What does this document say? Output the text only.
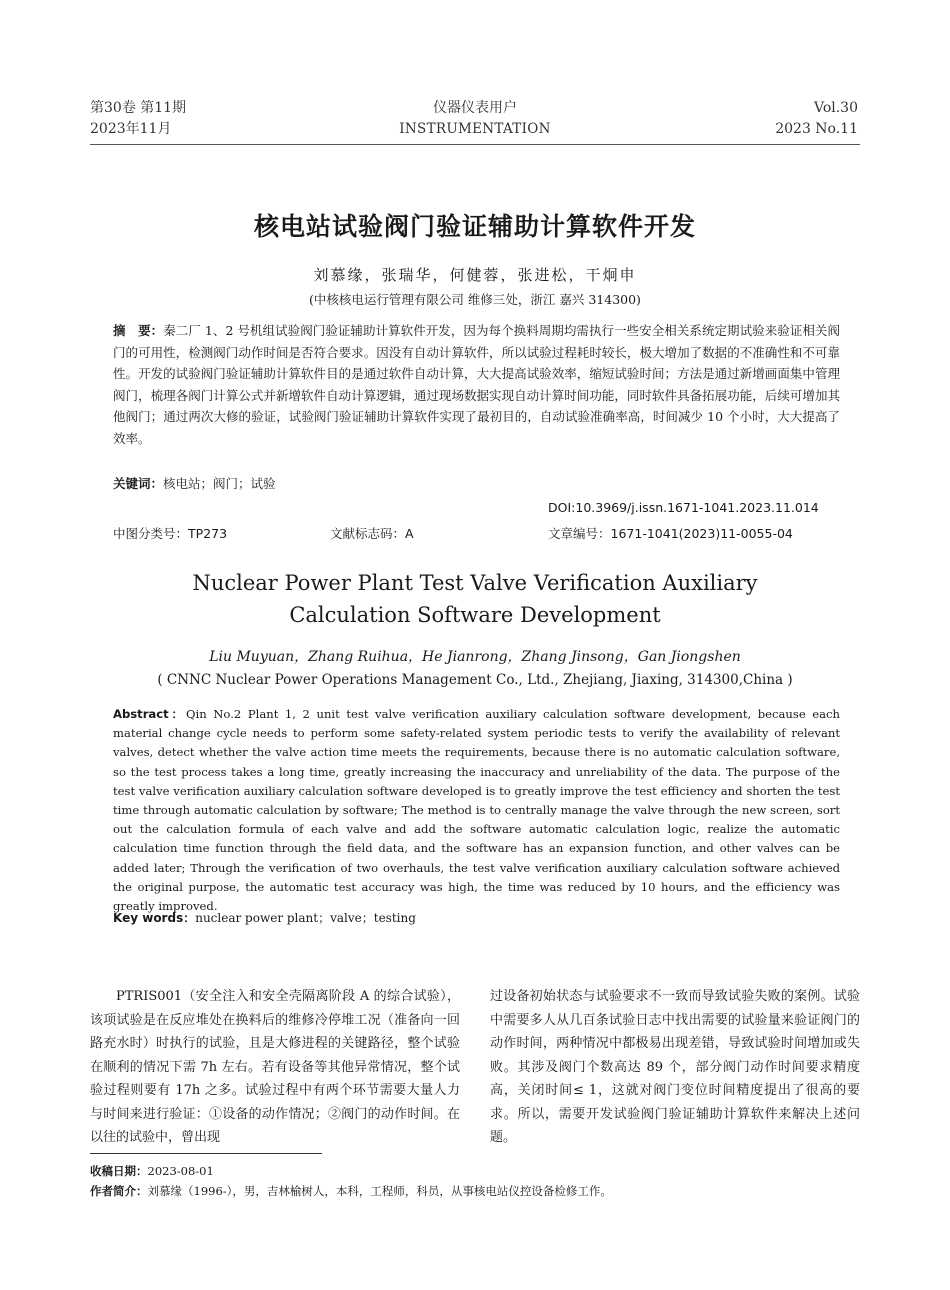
第30卷 第11期
2023年11月
仪器仪表用户
INSTRUMENTATION
Vol.30
2023 No.11
核电站试验阀门验证辅助计算软件开发
刘慕缘，张瑞华，何健蓉，张进松，干炯申
(中核核电运行管理有限公司 维修三处，浙江 嘉兴 314300)
摘　要：秦二厂 1、2 号机组试验阀门验证辅助计算软件开发，因为每个换料周期均需执行一些安全相关系统定期试验来验证相关阀门的可用性，检测阀门动作时间是否符合要求。因没有自动计算软件，所以试验过程耗时较长，极大增加了数据的不准确性和不可靠性。开发的试验阀门验证辅助计算软件目的是通过软件自动计算，大大提高试验效率，缩短试验时间；方法是通过新增画面集中管理阀门，梳理各阀门计算公式并新增软件自动计算逻辑，通过现场数据实现自动计算时间功能，同时软件具备拓展功能，后续可增加其他阀门；通过两次大修的验证，试验阀门验证辅助计算软件实现了最初目的，自动试验准确率高，时间减少 10 个小时，大大提高了效率。
关键词：核电站；阀门；试验
DOI:10.3969/j.issn.1671-1041.2023.11.014
中图分类号：TP273	文献标志码：A	文章编号：1671-1041(2023)11-0055-04
Nuclear Power Plant Test Valve Verification Auxiliary
Calculation Software Development
Liu Muyuan，Zhang Ruihua，He Jianrong，Zhang Jinsong，Gan Jiongshen
( CNNC Nuclear Power Operations Management Co., Ltd., Zhejiang, Jiaxing, 314300,China )
Abstract：Qin No.2 Plant 1, 2 unit test valve verification auxiliary calculation software development, because each material change cycle needs to perform some safety-related system periodic tests to verify the availability of relevant valves, detect whether the valve action time meets the requirements, because there is no automatic calculation software, so the test process takes a long time, greatly increasing the inaccuracy and unreliability of the data. The purpose of the test valve verification auxiliary calculation software developed is to greatly improve the test efficiency and shorten the test time through automatic calculation by software; The method is to centrally manage the valve through the new screen, sort out the calculation formula of each valve and add the software automatic calculation logic, realize the automatic calculation time function through the field data, and the software has an expansion function, and other valves can be added later; Through the verification of two overhauls, the test valve verification auxiliary calculation software achieved the original purpose, the automatic test accuracy was high, the time was reduced by 10 hours, and the efficiency was greatly improved.
Key words：nuclear power plant；valve；testing
PTRIS001（安全注入和安全壳隔离阶段 A 的综合试验），该项试验是在反应堆处在换料后的维修冷停堆工况（准备向一回路充水时）时执行的试验，且是大修进程的关键路径，整个试验在顺利的情况下需 7h 左右。若有设备等其他异常情况，整个试验过程则要有 17h 之多。试验过程中有两个环节需要大量人力与时间来进行验证：①设备的动作情况；②阀门的动作时间。在以往的试验中，曾出现
过设备初始状态与试验要求不一致而导致试验失败的案例。试验中需要多人从几百条试验日志中找出需要的试验量来验证阀门的动作时间，两种情况中都极易出现差错，导致试验时间增加或失败。其涉及阀门个数高达 89 个，部分阀门动作时间要求精度高，关闭时间≤ 1，这就对阀门变位时间精度提出了很高的要求。所以，需要开发试验阀门验证辅助计算软件来解决上述问题。
收稿日期：2023-08-01
作者简介：刘慕缘（1996-），男，吉林榆树人，本科，工程师，科员，从事核电站仪控设备检修工作。
